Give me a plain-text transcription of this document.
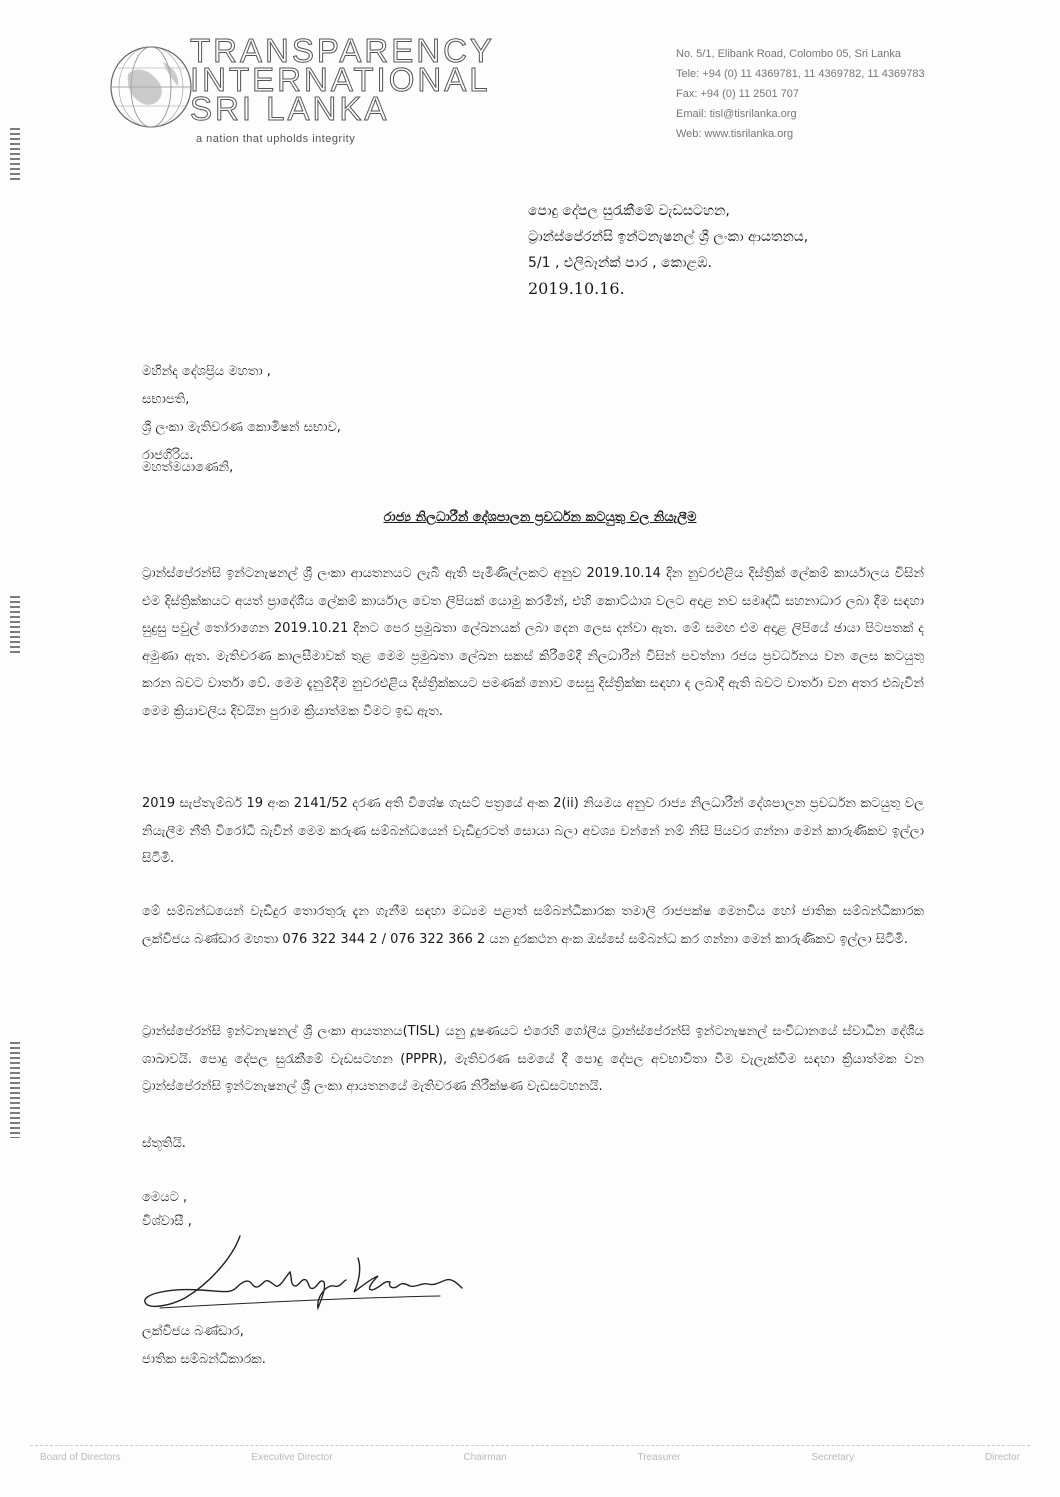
TRANSPARENCY
INTERNATIONAL
SRI LANKA
a nation that upholds integrity
No. 5/1, Elibank Road, Colombo 05, Sri Lanka
Tele: +94 (0) 11 4369781, 11 4369782, 11 4369783
Fax: +94 (0) 11 2501 707
Email: tisl@tisrilanka.org
Web: www.tisrilanka.org
පොදු දේපල සුරැකීමේ වැඩසටහන,
ට්‍රාන්ස්පේරන්සි ඉන්ටනැෂනල් ශ්‍රී ලංකා ආයතනය,
5/1 , එලිබෑන්ක් පාර , කොළඹ.
2019.10.16.
මහින්ද දේශප්‍රිය මහතා ,
සභාපති,
ශ්‍රී ලංකා මැතිවරණ කොමිෂන් සභාව,
රාජගිරිය.
මහත්මයාණෙනි,
රාජ්‍ය නිලධාරීන් දේශපාලන ප්‍රවර්ධන කටයුතු වල නියැලීම
ට්‍රාන්ස්පේරන්සි ඉන්ටනැෂනල් ශ්‍රී ලංකා ආයතනයට ලැබී ඇති පැමිණිල්ලකට අනුව 2019.10.14 දින නුවරඑළිය දිස්ත්‍රික් ලේකම් කාර්යාලය විසින් එම දිස්ත්‍රික්කයට අයත් ප්‍රාදේශීය ලේකම් කාර්යාල වෙත ලිපියක් යොමු කරමින්, එහි කොට්ඨාශ වලට අදාළ නව සමෘද්ධි සහනාධාර ලබා දීම සඳහා සුදුසු පවුල් තෝරාගෙන 2019.10.21 දිනට පෙර ප්‍රමුඛතා ලේඛනයක් ලබා දෙන ලෙස දන්වා ඇත. මේ සමඟ එම අදාළ ලිපියේ ඡායා පිටපතක් ද අමුණා ඇත. මැතිවරණ කාලසීමාවක් තුළ මෙම ප්‍රමුඛතා ලේඛන සකස් කිරීමේදී නිලධාරීන් විසින් පවත්නා රජය ප්‍රවර්ධනය වන ලෙස කටයුතු කරන බවට වාර්තා වේ. මෙම දැනුම්දීම නුවරඑළිය දිස්ත්‍රික්කයට පමණක් නොව සෙසු දිස්ත්‍රික්ක සඳහා ද ලබාදී ඇති බවට වාර්තා වන අතර එබැවින් මෙම ක්‍රියාවලිය දිවයින පුරාම ක්‍රියාත්මක වීමට ඉඩ ඇත.
2019 සැප්තැම්බර් 19 අංක 2141/52 දරණ අති විශේෂ ගැසට් පත්‍රයේ අංක 2(ii) නියමය අනුව රාජ්‍ය නිලධාරීන් දේශපාලන ප්‍රවර්ධන කටයුතු වල නියැලීම නීති විරෝධී බැවින් මෙම කරුණ සම්බන්ධයෙන් වැඩිදුරටත් සොයා බලා අවශ්‍ය වන්නේ නම් නිසි පියවර ගන්නා මෙන් කාරුණිකව ඉල්ලා සිටිමි.
මේ සම්බන්ධයෙන් වැඩිදුර තොරතුරු දැන ගැනීම සඳහා මධ්‍යම පළාත් සම්බන්ධීකාරක තමාලි රාජපක්ෂ මෙනවිය හෝ ජාතික සම්බන්ධීකාරක ලක්විජය බණ්ඩාර මහතා 076 322 344 2 / 076 322 366 2 යන දුරකථන අංක ඔස්සේ සම්බන්ධ කර ගන්නා මෙන් කාරුණිකව ඉල්ලා සිටිමි.
ට්‍රාන්ස්පේරන්සි ඉන්ටනැෂනල් ශ්‍රී ලංකා ආයතනය(TISL) යනු දූෂණයට එරෙහි ගෝලීය ට්‍රාන්ස්පේරන්සි ඉන්ටනැෂනල් සංවිධානයේ ස්වාධීන දේශීය ශාඛාවයි. පොදු දේපල සුරැකීමේ වැඩසටහන (PPPR), මැතිවරණ සමයේ දී පොදු දේපල අවභාවිතා වීම වැලැක්වීම සඳහා ක්‍රියාත්මක වන ට්‍රාන්ස්පේරන්සි ඉන්ටනැෂනල් ශ්‍රී ලංකා ආයතනයේ මැතිවරණ නිරීක්ෂණ වැඩසටහනයි.
ස්තූතියි.
මෙයට ,
විශ්වාසී ,
ලක්විජය බණ්ඩාර,
ජාතික සම්බන්ධීකාරක.
Board of Directors	Executive Director	Chairman	Treasurer	Secretary	Director
